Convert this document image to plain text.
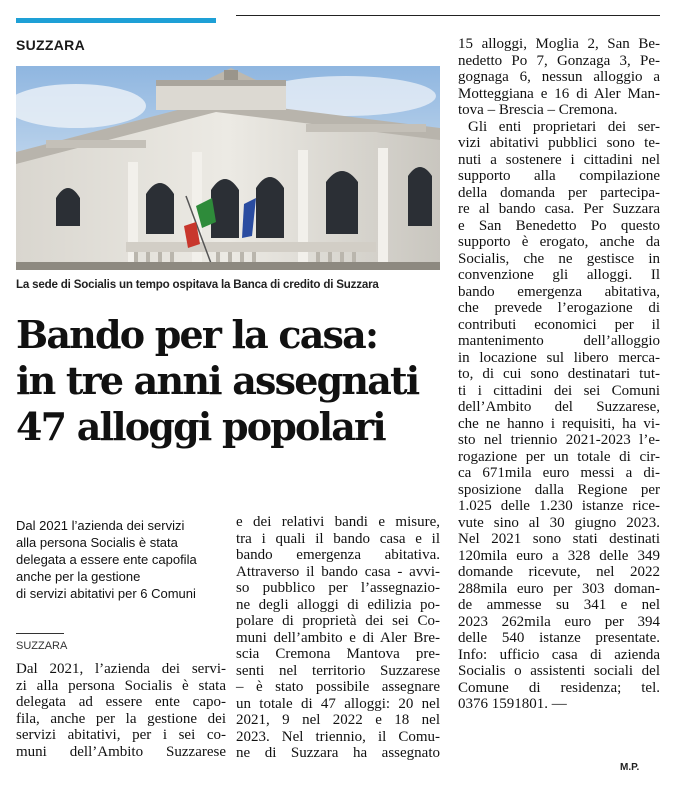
SUZZARA
La sede di Socialis un tempo ospitava la Banca di credito di Suzzara
Bando per la casa:
in tre anni assegnati
47 alloggi popolari
Dal 2021 l’azienda dei servizi
alla persona Socialis è stata
delegata a essere ente capofila
anche per la gestione
di servizi abitativi per 6 Comuni
SUZZARA
Dal 2021, l’azienda dei servi-
zi alla persona Socialis è stata
delegata ad essere ente capo-
fila, anche per la gestione dei
servizi abitativi, per i sei co-
muni dell’Ambito Suzzarese
e dei relativi bandi e misure,
tra i quali il bando casa e il
bando emergenza abitativa.
Attraverso il bando casa - avvi-
so pubblico per l’assegnazio-
ne degli alloggi di edilizia po-
polare di proprietà dei sei Co-
muni dell’ambito e di Aler Bre-
scia Cremona Mantova pre-
senti nel territorio Suzzarese
– è stato possibile assegnare
un totale di 47 alloggi: 20 nel
2021, 9 nel 2022 e 18 nel
2023. Nel triennio, il Comu-
ne di Suzzara ha assegnato
15 alloggi, Moglia 2, San Be-
nedetto Po 7, Gonzaga 3, Pe-
gognaga 6, nessun alloggio a
Motteggiana e 16 di Aler Man-
tova – Brescia – Cremona.
Gli enti proprietari dei ser-
vizi abitativi pubblici sono te-
nuti a sostenere i cittadini nel
supporto alla compilazione
della domanda per partecipa-
re al bando casa. Per Suzzara
e San Benedetto Po questo
supporto è erogato, anche da
Socialis, che ne gestisce in
convenzione gli alloggi. Il
bando emergenza abitativa,
che prevede l’erogazione di
contributi economici per il
mantenimento dell’alloggio
in locazione sul libero merca-
to, di cui sono destinatari tut-
ti i cittadini dei sei Comuni
dell’Ambito del Suzzarese,
che ne hanno i requisiti, ha vi-
sto nel triennio 2021-2023 l’e-
rogazione per un totale di cir-
ca 671mila euro messi a di-
sposizione dalla Regione per
1.025 delle 1.230 istanze rice-
vute sino al 30 giugno 2023.
Nel 2021 sono stati destinati
120mila euro a 328 delle 349
domande ricevute, nel 2022
288mila euro per 303 doman-
de ammesse su 341 e nel
2023 262mila euro per 394
delle 540 istanze presentate.
Info: ufficio casa di azienda
Socialis o assistenti sociali del
Comune di residenza; tel.
0376 1591801. —
M.P.
